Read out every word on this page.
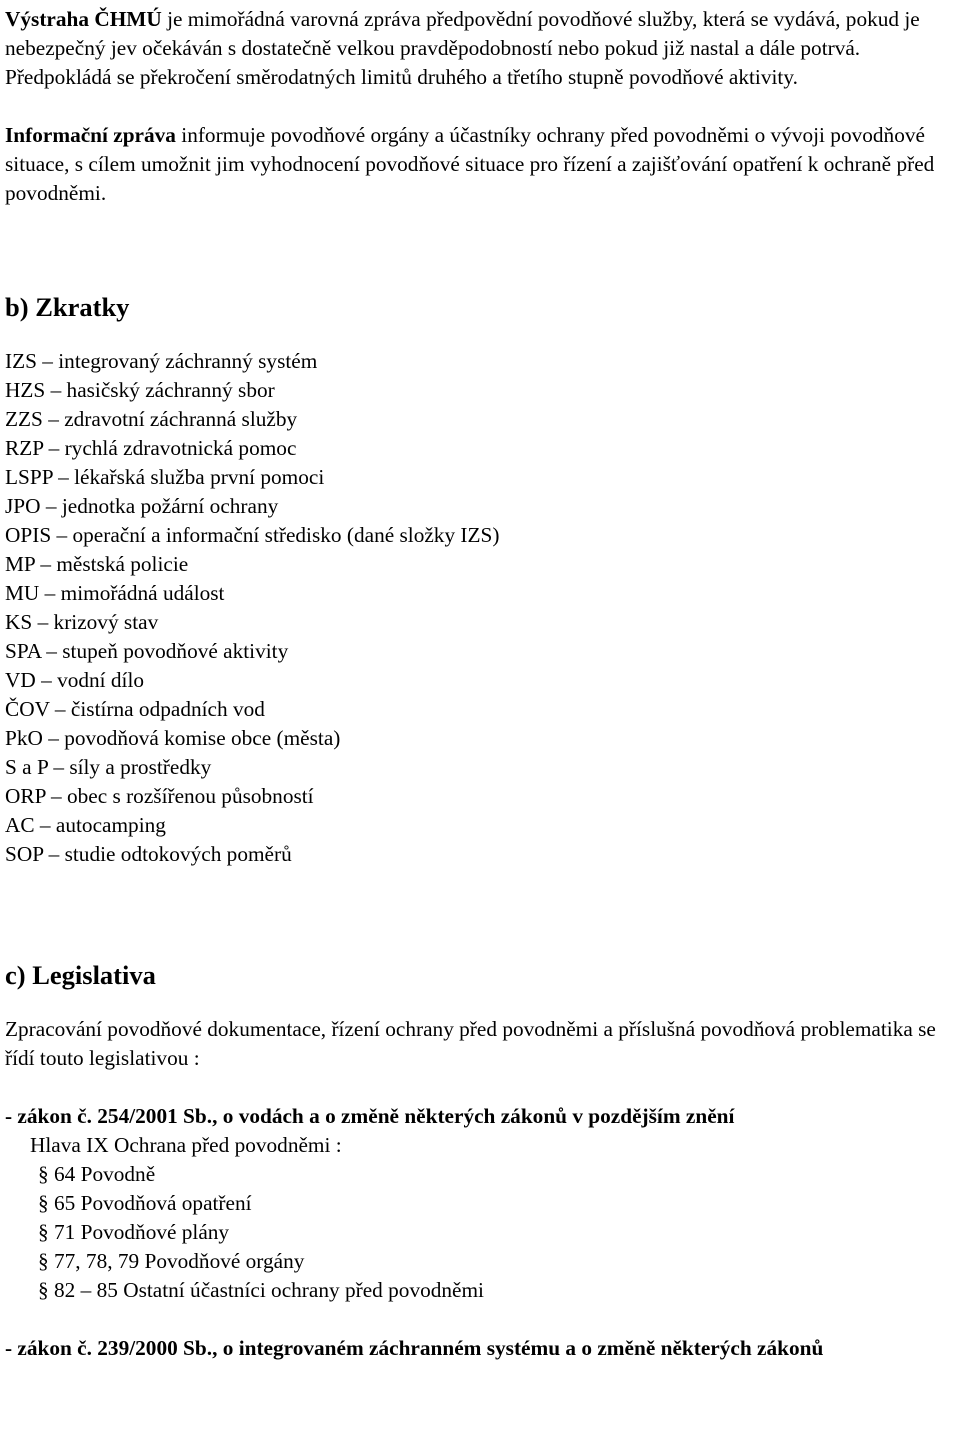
Výstraha ČHMÚ je mimořádná varovná zpráva předpovědní povodňové služby, která se vydává, pokud je nebezpečný jev očekáván s dostatečně velkou pravděpodobností nebo pokud již nastal a dále potrvá. Předpokládá se překročení směrodatných limitů druhého a třetího stupně povodňové aktivity.

Informační zpráva informuje povodňové orgány a účastníky ochrany před povodněmi o vývoji povodňové situace, s cílem umožnit jim vyhodnocení povodňové situace pro řízení a zajišťování opatření k ochraně před povodněmi.

b) Zkratky

IZS – integrovaný záchranný systém
HZS – hasičský záchranný sbor
ZZS – zdravotní záchranná služby
RZP – rychlá zdravotnická pomoc
LSPP – lékařská služba první pomoci
JPO – jednotka požární ochrany
OPIS – operační a informační středisko (dané složky IZS)
MP – městská policie
MU – mimořádná událost
KS – krizový stav
SPA – stupeň povodňové aktivity
VD – vodní dílo
ČOV – čistírna odpadních vod
PkO – povodňová komise obce (města)
S a P – síly a prostředky
ORP – obec s rozšířenou působností
AC – autocamping
SOP – studie odtokových poměrů

c) Legislativa

Zpracování povodňové dokumentace, řízení ochrany před povodněmi a příslušná povodňová problematika se řídí touto legislativou :

- zákon č. 254/2001 Sb., o vodách a o změně některých zákonů v pozdějším znění

Hlava IX Ochrana před povodněmi :

§ 64 Povodně
§ 65 Povodňová opatření
§ 71 Povodňové plány
§ 77, 78, 79 Povodňové orgány
§ 82 – 85 Ostatní účastníci ochrany před povodněmi

- zákon č. 239/2000 Sb., o integrovaném záchranném systému a o změně některých zákonů
